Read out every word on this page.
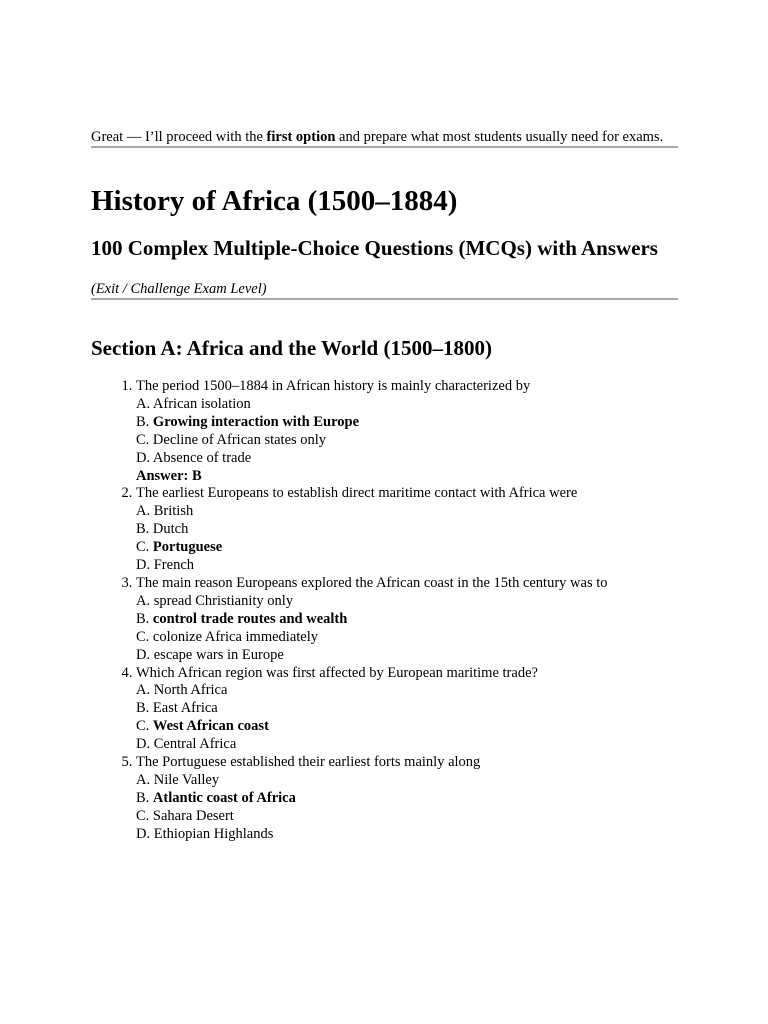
Great — I’ll proceed with the first option and prepare what most students usually need for exams.

History of Africa (1500–1884)
100 Complex Multiple-Choice Questions (MCQs) with Answers

(Exit / Challenge Exam Level)

Section A: Africa and the World (1500–1800)
1. The period 1500–1884 in African history is mainly characterized by
A. African isolation
B. Growing interaction with Europe
C. Decline of African states only
D. Absence of trade
Answer: B
2. The earliest Europeans to establish direct maritime contact with Africa were
A. British
B. Dutch
C. Portuguese
D. French
3. The main reason Europeans explored the African coast in the 15th century was to
A. spread Christianity only
B. control trade routes and wealth
C. colonize Africa immediately
D. escape wars in Europe
4. Which African region was first affected by European maritime trade?
A. North Africa
B. East Africa
C. West African coast
D. Central Africa
5. The Portuguese established their earliest forts mainly along
A. Nile Valley
B. Atlantic coast of Africa
C. Sahara Desert
D. Ethiopian Highlands
